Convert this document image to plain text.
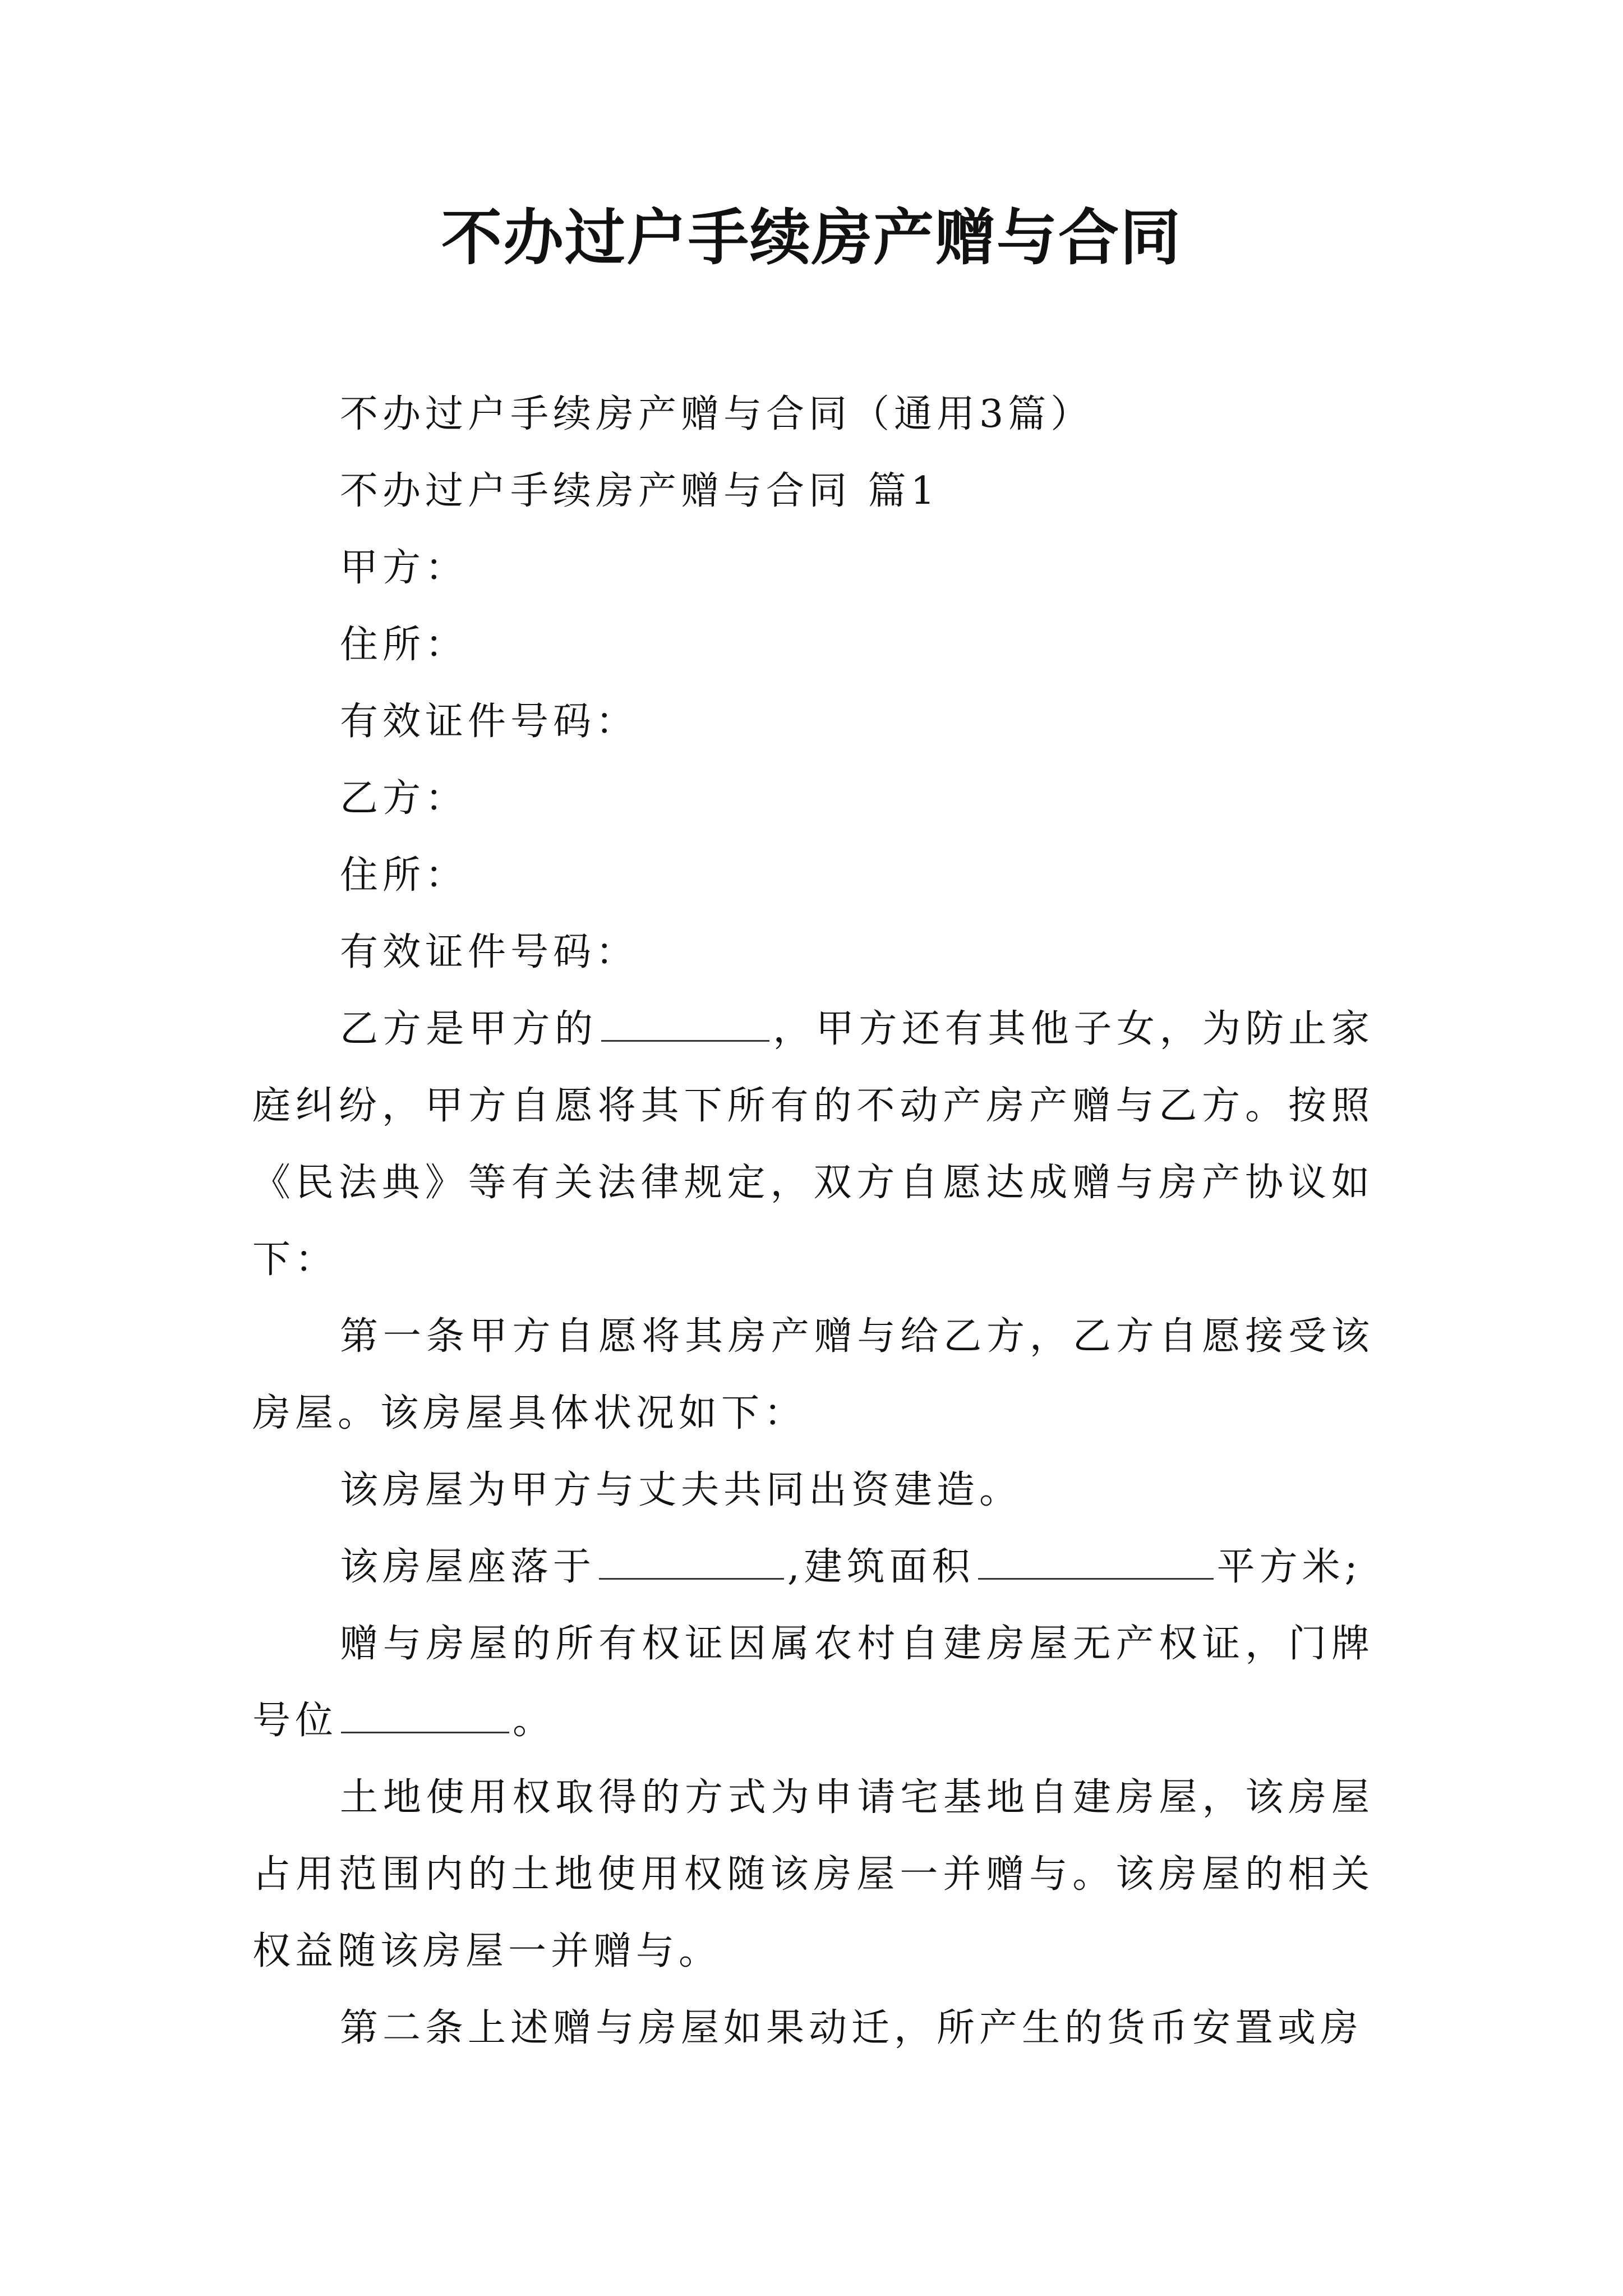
不办过户手续房产赠与合同

不办过户手续房产赠与合同（通用3篇）

不办过户手续房产赠与合同 篇1

甲方：

住所：

有效证件号码：

乙方：

住所：

有效证件号码：

乙方是甲方的	，甲方还有其他子女，为防止家庭纠纷，甲方自愿将其下所有的不动产房产赠与乙方。按照《民法典》等有关法律规定，双方自愿达成赠与房产协议如下：

第一条甲方自愿将其房产赠与给乙方，乙方自愿接受该房屋。该房屋具体状况如下：

该房屋为甲方与丈夫共同出资建造。

该房屋座落于	,建筑面积	平方米;

赠与房屋的所有权证因属农村自建房屋无产权证，门牌号位	。

土地使用权取得的方式为申请宅基地自建房屋，该房屋占用范围内的土地使用权随该房屋一并赠与。该房屋的相关权益随该房屋一并赠与。

第二条上述赠与房屋如果动迁，所产生的货币安置或房
